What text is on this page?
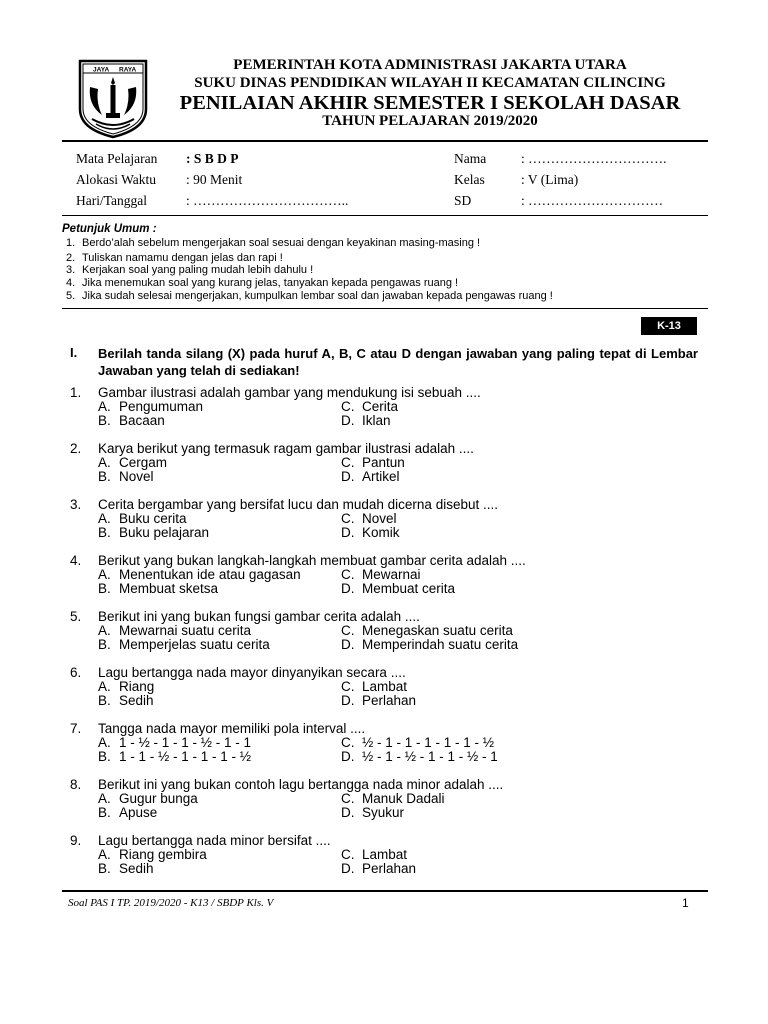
JAYA RAYA	PEMERINTAH KOTA ADMINISTRASI JAKARTA UTARA
SUKU DINAS PENDIDIKAN WILAYAH II KECAMATAN CILINCING
PENILAIAN AKHIR SEMESTER I SEKOLAH DASAR
TAHUN PELAJARAN 2019/2020
Mata Pelajaran : S B D P
Alokasi Waktu : 90 Menit
Hari/Tanggal	: ……………………………..
Nama	: ………………………….
Kelas	: V (Lima)
SD	: …………………………
Petunjuk Umum :
1. Berdo’alah sebelum mengerjakan soal sesuai dengan keyakinan masing-masing !
2. Tuliskan namamu dengan jelas dan rapi !
3. Kerjakan soal yang paling mudah lebih dahulu !
4. Jika menemukan soal yang kurang jelas, tanyakan kepada pengawas ruang !
5. Jika sudah selesai mengerjakan, kumpulkan lembar soal dan jawaban kepada pengawas ruang !
K-13
I. Berilah tanda silang (X) pada huruf A, B, C atau D dengan jawaban yang paling tepat di Lembar Jawaban yang telah di sediakan!
1. Gambar ilustrasi adalah gambar yang mendukung isi sebuah ....
A. Pengumuman	C. Cerita
B. Bacaan	D. Iklan
2. Karya berikut yang termasuk ragam gambar ilustrasi adalah ....
A. Cergam	C. Pantun
B. Novel	D. Artikel
3. Cerita bergambar yang bersifat lucu dan mudah dicerna disebut ....
A. Buku cerita	C. Novel
B. Buku pelajaran	D. Komik
4. Berikut yang bukan langkah-langkah membuat gambar cerita adalah ....
A. Menentukan ide atau gagasan	C. Mewarnai
B. Membuat sketsa	D. Membuat cerita
5. Berikut ini yang bukan fungsi gambar cerita adalah ....
A. Mewarnai suatu cerita	C. Menegaskan suatu cerita
B. Memperjelas suatu cerita	D. Memperindah suatu cerita
6. Lagu bertangga nada mayor dinyanyikan secara ....
A. Riang	C. Lambat
B. Sedih	D. Perlahan
7. Tangga nada mayor memiliki pola interval ....
A. 1 - ½ - 1 - 1 - ½ - 1 - 1	C. ½ - 1 - 1 - 1 - 1 - 1 - ½
B. 1 - 1 - ½ - 1 - 1 - 1 - ½	D. ½ - 1 - ½ - 1 - 1 - ½ - 1
8. Berikut ini yang bukan contoh lagu bertangga nada minor adalah ....
A. Gugur bunga	C. Manuk Dadali
B. Apuse	D. Syukur
9. Lagu bertangga nada minor bersifat ....
A. Riang gembira	C. Lambat
B. Sedih	D. Perlahan
Soal PAS I TP. 2019/2020 - K13 / SBDP Kls. V	1
